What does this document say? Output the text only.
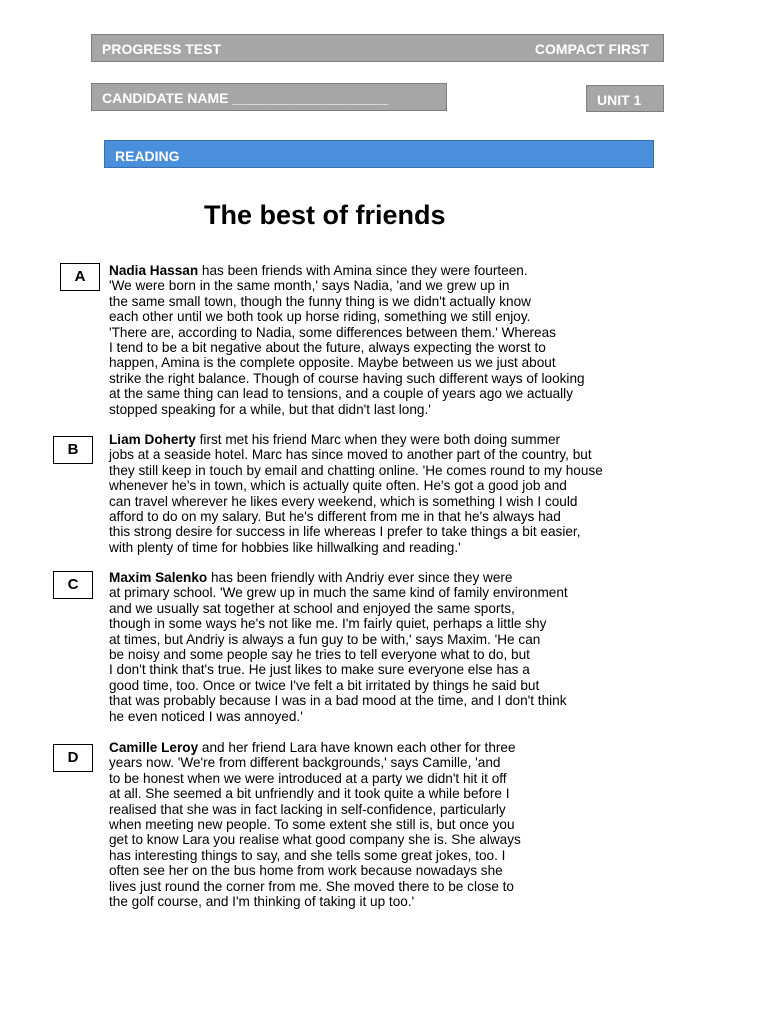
PROGRESS TEST	COMPACT FIRST
CANDIDATE NAME ____________________	UNIT 1
READING
The best of friends
A	Nadia Hassan has been friends with Amina since they were fourteen.
'We were born in the same month,' says Nadia, 'and we grew up in
the same small town, though the funny thing is we didn't actually know
each other until we both took up horse riding, something we still enjoy.
'There are, according to Nadia, some differences between them.' Whereas
I tend to be a bit negative about the future, always expecting the worst to
happen, Amina is the complete opposite. Maybe between us we just about
strike the right balance. Though of course having such different ways of looking
at the same thing can lead to tensions, and a couple of years ago we actually
stopped speaking for a while, but that didn't last long.'

B

Liam Doherty first met his friend Marc when they were both doing summer
jobs at a seaside hotel. Marc has since moved to another part of the country, but
they still keep in touch by email and chatting online. 'He comes round to my house
whenever he's in town, which is actually quite often. He's got a good job and
can travel wherever he likes every weekend, which is something I wish I could
afford to do on my salary. But he's different from me in that he's always had
this strong desire for success in life whereas I prefer to take things a bit easier,
with plenty of time for hobbies like hillwalking and reading.'

C	Maxim Salenko has been friendly with Andriy ever since they were
at primary school. 'We grew up in much the same kind of family environment
and we usually sat together at school and enjoyed the same sports,
though in some ways he's not like me. I'm fairly quiet, perhaps a little shy
at times, but Andriy is always a fun guy to be with,' says Maxim. 'He can
be noisy and some people say he tries to tell everyone what to do, but
I don't think that's true. He just likes to make sure everyone else has a
good time, too. Once or twice I've felt a bit irritated by things he said but
that was probably because I was in a bad mood at the time, and I don't think
he even noticed I was annoyed.'

D

Camille Leroy and her friend Lara have known each other for three
years now. 'We're from different backgrounds,' says Camille, 'and
to be honest when we were introduced at a party we didn't hit it off
at all. She seemed a bit unfriendly and it took quite a while before I
realised that she was in fact lacking in self-confidence, particularly
when meeting new people. To some extent she still is, but once you
get to know Lara you realise what good company she is. She always
has interesting things to say, and she tells some great jokes, too. I
often see her on the bus home from work because nowadays she
lives just round the corner from me. She moved there to be close to
the golf course, and I'm thinking of taking it up too.'
